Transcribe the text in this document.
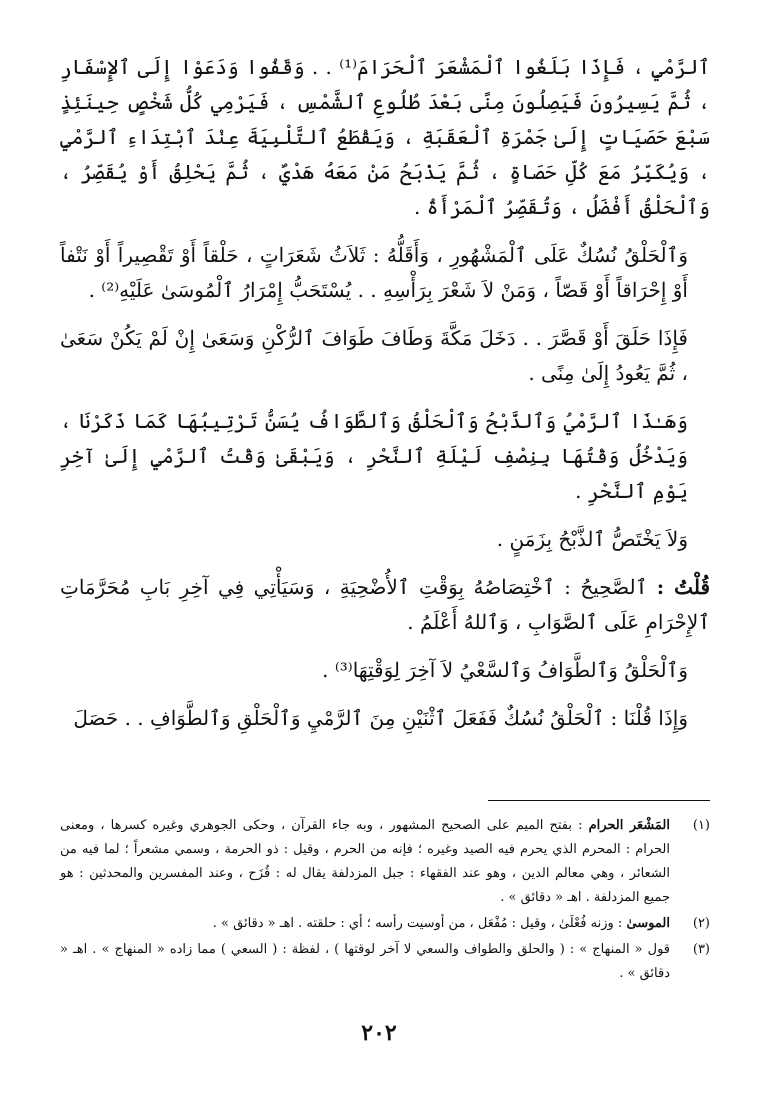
ٱلرَّمْيِ ، فَإِذَا بَلَغُوا ٱلْمَشْعَرَ ٱلْحَرَامَ⁽¹⁾ . . وَقَفُوا وَدَعَوْا إِلَى ٱلإِسْفَارِ ، ثُمَّ يَسِيرُونَ فَيَصِلُونَ مِنًى بَعْدَ طُلُوعِ ٱلشَّمْسِ ، فَيَرْمِي كُلُّ شَخْصٍ حِينَئِذٍ سَبْعَ حَصَيَاتٍ إِلَىٰ جَمْرَةِ ٱلْعَقَبَةِ ، وَيَقْطَعُ ٱلتَّلْبِيَةَ عِنْدَ ٱبْتِدَاءِ ٱلرَّمْيِ ، وَيُكَبِّرُ مَعَ كُلِّ حَصَاةٍ ، ثُمَّ يَذْبَحُ مَنْ مَعَهُ هَدْيٌ ، ثُمَّ يَحْلِقُ أَوْ يُقَصِّرُ ، وَٱلْحَلْقُ أَفْضَلُ ، وَتُقَصِّرُ ٱلْمَرْأَةُ .

وَٱلْحَلْقُ نُسُكٌ عَلَى ٱلْمَشْهُورِ ، وَأَقَلُّهُ : ثَلاَثُ شَعَرَاتٍ ، حَلْقاً أَوْ تَقْصِيراً أَوْ نَتْفاً أَوْ إِحْرَاقاً أَوْ قَصّاً ، وَمَنْ لاَ شَعْرَ بِرَأْسِهِ . . يُسْتَحَبُّ إِمْرَارُ ٱلْمُوسَىٰ عَلَيْهِ⁽²⁾ .

فَإِذَا حَلَقَ أَوْ قَصَّرَ . . دَخَلَ مَكَّةَ وَطَافَ طَوَافَ ٱلرُّكْنِ وَسَعَىٰ إِنْ لَمْ يَكُنْ سَعَىٰ ، ثُمَّ يَعُودُ إِلَىٰ مِنًى .

وَهَـٰذَا ٱلرَّمْيُ وَٱلذَّبْحُ وَٱلْحَلْقُ وَٱلطَّوَافُ يُسَنُّ تَرْتِيبُهَا كَمَا ذَكَرْنَا ، وَيَدْخُلُ وَقْتُهَا بِنِصْفِ لَيْلَةِ ٱلنَّحْرِ ، وَيَبْقَىٰ وَقْتُ ٱلرَّمْيِ إِلَىٰ آخِرِ يَوْمِ ٱلنَّحْرِ .

وَلاَ يَخْتَصُّ ٱلذَّبْحُ بِزَمَنٍ .

قُلْتُ : ٱلصَّحِيحُ : ٱخْتِصَاصُهُ بِوَقْتِ ٱلأُضْحِيَةِ ، وَسَيَأْتِي فِي آخِرِ بَابِ مُحَرَّمَاتِ ٱلإِحْرَامِ عَلَى ٱلصَّوَابِ ، وَٱللهُ أَعْلَمُ .

وَٱلْحَلْقُ وَٱلطَّوَافُ وَٱلسَّعْيُ لاَ آخِرَ لِوَقْتِهَا⁽³⁾ .

وَإِذَا قُلْنَا : ٱلْحَلْقُ نُسُكٌ فَفَعَلَ ٱثْنَيْنِ مِنَ ٱلرَّمْيِ وَٱلْحَلْقِ وَٱلطَّوَافِ . . حَصَلَ

(١)
المَشْعَر الحرام : بفتح الميم على الصحيح المشهور ، وبه جاء القرآن ، وحكى الجوهري وغيره كسرها ، ومعنى الحرام : المحرم الذي يحرم فيه الصيد وغيره ؛ فإنه من الحرم ، وقيل : ذو الحرمة ، وسمي مشعراً ؛ لما فيه من الشعائر ، وهي معالم الدين ، وهو عند الفقهاء : جبل المزدلفة يقال له : قُزَح ، وعند المفسرين والمحدثين : هو جميع المزدلفة . اهـ « دقائق » .
(٢)
الموسىٰ : وزنه فُعْلَىٰ ، وقيل : مُفْعَل ، من أوسيت رأسه ؛ أي : حلقته . اهـ « دقائق » .
(٣)
قول « المنهاج » : ( والحلق والطواف والسعي لا آخر لوقتها ) ، لفظة : ( السعي ) مما زاده « المنهاج » . اهـ « دقائق » .
٢٠٢
